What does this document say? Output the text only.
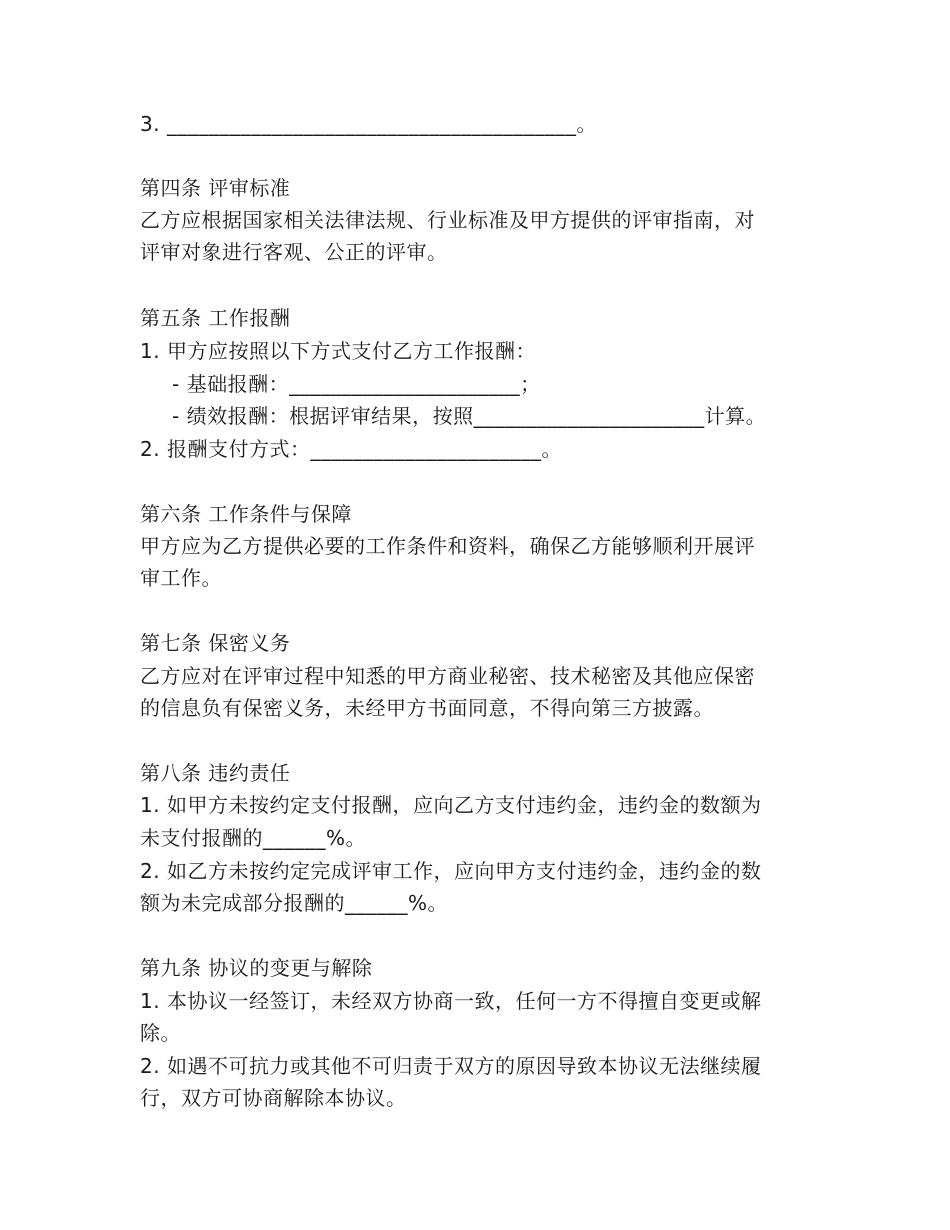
3. _______________________________________。
第四条 评审标准
乙方应根据国家相关法律法规、行业标准及甲方提供的评审指南，对
评审对象进行客观、公正的评审。
第五条 工作报酬
1. 甲方应按照以下方式支付乙方工作报酬：
- 基础报酬：______________________；
- 绩效报酬：根据评审结果，按照______________________计算。
2. 报酬支付方式：______________________。
第六条 工作条件与保障
甲方应为乙方提供必要的工作条件和资料，确保乙方能够顺利开展评
审工作。
第七条 保密义务
乙方应对在评审过程中知悉的甲方商业秘密、技术秘密及其他应保密
的信息负有保密义务，未经甲方书面同意，不得向第三方披露。
第八条 违约责任
1. 如甲方未按约定支付报酬，应向乙方支付违约金，违约金的数额为
未支付报酬的______%。
2. 如乙方未按约定完成评审工作，应向甲方支付违约金，违约金的数
额为未完成部分报酬的______%。
第九条 协议的变更与解除
1. 本协议一经签订，未经双方协商一致，任何一方不得擅自变更或解
除。
2. 如遇不可抗力或其他不可归责于双方的原因导致本协议无法继续履
行，双方可协商解除本协议。
